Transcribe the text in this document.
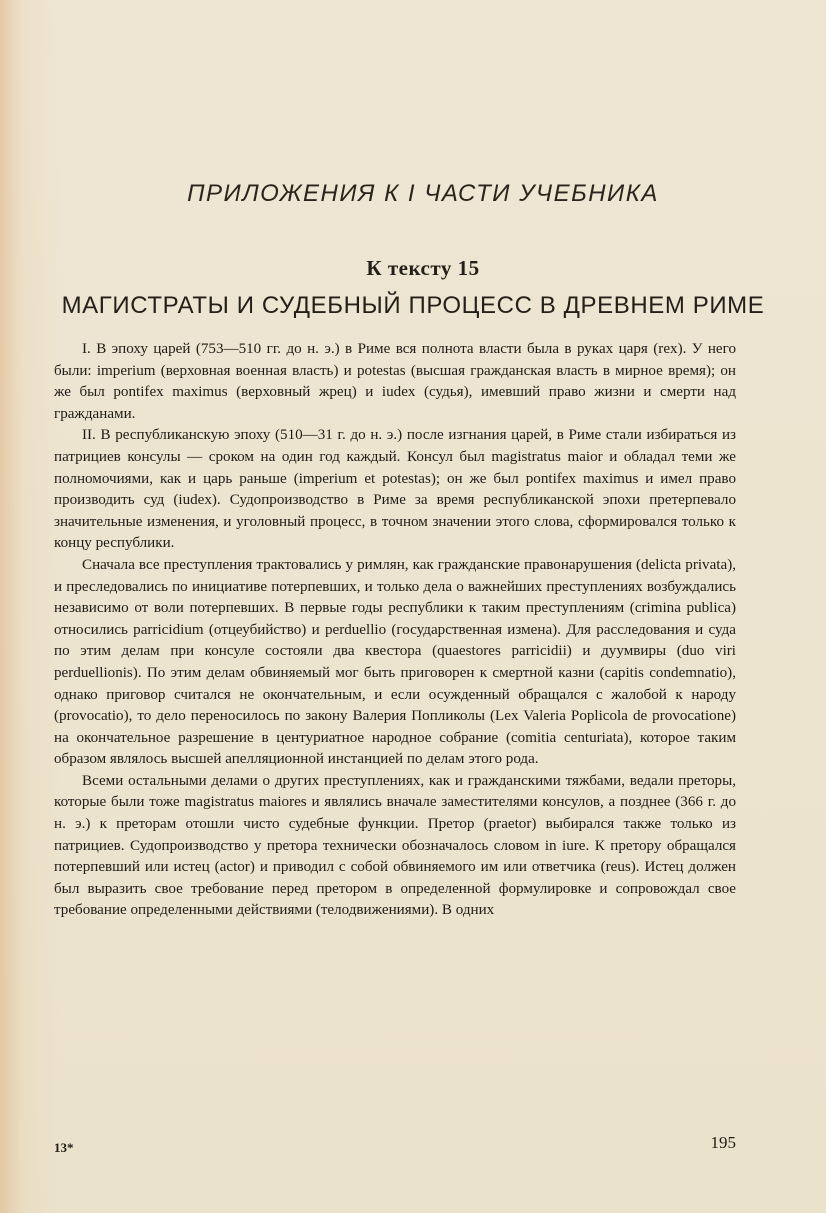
ПРИЛОЖЕНИЯ К I ЧАСТИ УЧЕБНИКА
К тексту 15
МАГИСТРАТЫ И СУДЕБНЫЙ ПРОЦЕСС В ДРЕВНЕМ РИМЕ

I. В эпоху царей (753—510 гг. до н. э.) в Риме вся полнота власти была в руках царя (rex). У него были: imperium (верховная военная власть) и potestas (высшая гражданская власть в мирное время); он же был pontifex maximus (верховный жрец) и iudex (судья), имевший право жизни и смерти над гражданами.

II. В республиканскую эпоху (510—31 г. до н. э.) после изгнания царей, в Риме стали избираться из патрициев консулы — сроком на один год каждый. Консул был magistratus maior и обладал теми же полномочиями, как и царь раньше (imperium et potestas); он же был pontifex maximus и имел право производить суд (iudex). Судопроизводство в Риме за время республиканской эпохи претерпевало значительные изменения, и уголовный процесс, в точном значении этого слова, сформировался только к концу республики.

Сначала все преступления трактовались у римлян, как гражданские правонарушения (delicta privata), и преследовались по инициативе потерпевших, и только дела о важнейших преступлениях возбуждались независимо от воли потерпевших. В первые годы республики к таким преступлениям (crimina publica) относились parricidium (отцеубийство) и perduellio (государственная измена). Для расследования и суда по этим делам при консуле состояли два квестора (quaestores parricidii) и дуумвиры (duo viri perduellionis). По этим делам обвиняемый мог быть приговорен к смертной казни (capitis condemnatio), однако приговор считался не окончательным, и если осужденный обращался с жалобой к народу (provocatio), то дело переносилось по закону Валерия Попликолы (Lex Valeria Poplicola de provocatione) на окончательное разрешение в центуриатное народное собрание (comitia centuriata), которое таким образом являлось высшей апелляционной инстанцией по делам этого рода.

Всеми остальными делами о других преступлениях, как и гражданскими тяжбами, ведали преторы, которые были тоже magistratus maiores и являлись вначале заместителями консулов, а позднее (366 г. до н. э.) к преторам отошли чисто судебные функции. Претор (praetor) выбирался также только из патрициев. Судопроизводство у претора технически обозначалось словом in iure. К претору обращался потерпевший или истец (actor) и приводил с собой обвиняемого им или ответчика (reus). Истец должен был выразить свое требование перед претором в определенной формулировке и сопровождал свое требование определенными действиями (телодвижениями). В одних

13*	195
